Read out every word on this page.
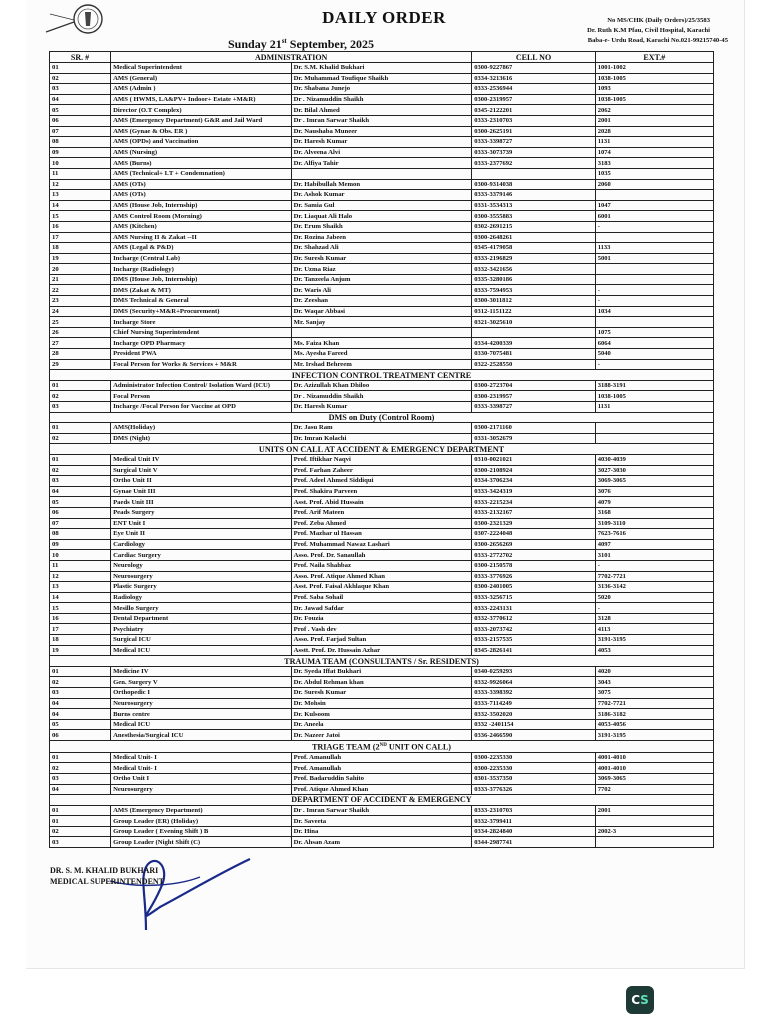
DAILY ORDER
Sunday 21st September, 2025
No MS/CHK (Daily Orders)/25/3583
Dr. Ruth K.M Pfau, Civil Hospital, Karachi
Baba-e- Urdu Road, Karachi No.021-99215740-45
SR. #	ADMINISTRATION		CELL NO	EXT.#
01	Medical Superintendent	Dr. S.M. Khalid Bukhari	0300-9227867	1001-1002
02	AMS (General)	Dr. Muhammad Toufique Shaikh	0334-3213616	1038-1005
03	AMS (Admin )	Dr. Shabana Junejo	0333-2536944	1093
04	AMS ( HWMS, LA&PV+ Indoor+ Estate +M&R)	Dr . Nizamuddin Shaikh	0300-2319957	1038-1005
05	Director (O.T Complex)	Dr. Bilal Ahmed	0345-2122201	2062
06	AMS (Emergency Department) G&R and Jail Ward	Dr . Imran Sarwar Shaikh	0333-2310703	2001
07	AMS (Gynae & Obs. ER )	Dr. Naushaba Muneer	0300-2625191	2028
08	AMS (OPDs) and Vaccination	Dr. Haresh Kumar	0333-3398727	1131
09	AMS (Nursing)	Dr. Alveena Alvi	0333-3073739	1074
10	AMS (Burns)	Dr. Alfiya Tahir	0333-2377692	3183
11	AMS (Technical+ I.T + Condemnation)			1035
12	AMS (OTs)	Dr. Habibullah Memon	0300-9314038	2060
13	AMS (OTs)	Dr. Ashok Kumar	0333-3379146	
14	AMS (House Job, Internship)	Dr. Samia Gul	0331-3534313	1047
15	AMS Control Room (Morning)	Dr. Liaquat Ali Halo	0300-3555883	6001
16	AMS (Kitchen)	Dr. Erum Shaikh	0302-2691215	-
17	AMS Nursing II & Zakat --II	Dr. Rozina Jabeen	0300-2648261	
18	AMS (Legal & P&D)	Dr. Shahzad Ali	0345-4179058	1133
19	Incharge (Central Lab)	Dr. Suresh Kumar	0333-2196829	5001
20	Incharge (Radiology)	Dr. Uzma Riaz	0332-3421656	
21	DMS (House Job, Internship)	Dr. Tanzeela Anjum	0335-3280186	
22	DMS (Zakat & MT)	Dr. Waris Ali	0333-7594953	-
23	DMS Technical & General	Dr. Zeeshan	0300-3011812	-
24	DMS (Security+M&R+Procurement)	Dr. Waqar Abbasi	0312-1151122	1034
25	Incharge Store	Mr. Sanjay	0321-3025610	
26	Chief Nursing Superintendent			1075
27	Incharge OPD Pharmacy	Ms. Faiza Khan	0334-4200339	6064
28	President PWA	Ms. Ayesha Fareed	0330-7075481	5040
29	Focal Person for Works & Services + M&R	Mr. Irshad Behreem	0322-2528550	-
INFECTION CONTROL TREATMENT CENTRE				
01	Administrator Infection Control/ Isolation Ward (ICU)	Dr. Azizullah Khan Dhiloo	0300-2723704	3188-3191
02	Focal Person	Dr . Nizamuddin Shaikh	0300-2319957	1038-1005
03	Incharge /Focal Person for Vaccine at OPD	Dr. Haresh Kumar	0333-3398727	1131
DMS on Duty (Control Room)				
01	AMS(Holiday)	Dr. Jasu Ram	0300-2171160	
02	DMS (Night)	Dr. Imran Kolachi	0331-3052679	
UNITS ON CALL AT ACCIDENT & EMERGENCY DEPARTMENT				
01	Medical Unit IV	Prof. Iftikhar Naqvi	0310-0021021	4030-4039
02	Surgical Unit V	Prof. Farhan Zaheer	0300-2108924	3027-3030
03	Ortho Unit II	Prof. Adeel Ahmed Siddiqui	0334-3706234	3069-3065
04	Gynae Unit III	Prof. Shakira Parveen	0333-3424319	3076
05	Paeds Unit III	Asst. Prof. Abid Hussain	0333-2215234	4079
06	Peads Surgery	Prof. Arif Mateen	0333-2132167	3168
07	ENT Unit I	Prof. Zeba Ahmed	0300-2321329	3109-3110
08	Eye Unit II	Prof. Mazhar ul Hassan	0307-2224048	7623-7616
09	Cardiology	Prof. Muhammad Nawaz Lashari	0300-2656269	4097
10	Cardiac Surgery	Asso. Prof. Dr. Sanaullah	0333-2772702	3101
11	Neurology	Prof. Naila Shahbaz	0300-2150578	-
12	Neurosurgery	Asso. Prof. Atique Ahmed Khan	0333-3776926	7702-7721
13	Plastic Surgery	Asst. Prof. Faisal Akhlaque Khan	0300-2401005	3136-3142
14	Radiology	Prof. Saba Sohail	0333-3256715	5020
15	Mesillo Surgery	Dr. Jawad Safdar	0333-2243131	-
16	Dental Department	Dr. Fouzia	0332-3770612	3128
17	Psychiatry	Prof . Vash dev	0333-2073742	4113
18	Surgical ICU	Asso. Prof. Farjad Sultan	0333-2157535	3191-3195
19	Medical ICU	Asstt. Prof. Dr. Hussain Azhar	0345-2826141	4053
TRAUMA TEAM (CONSULTANTS / Sr. RESIDENTS)				
01	Medicine IV	Dr. Syeda Iffat Bukhari	0340-0259293	4020
02	Gen. Surgery V	Dr. Abdul Rehman khan	0332-9926064	3043
03	Orthopedic I	Dr. Suresh Kumar	0333-3398392	3075
04	Neurosurgery	Dr. Mohsin	0333-7114249	7702-7721
04	Burns centre	Dr. Kulsoom	0332-3502020	3186-3182
05	Medical ICU	Dr. Aneela	0332 -2401154	4053-4056
06	Anesthesia/Surgical ICU	Dr. Nazeer Jatoi	0336-2466590	3191-3195
TRIAGE TEAM (2ND UNIT ON CALL)				
01	Medical Unit- I	Prof. Amanullah	0300-2235330	4001-4010
02	Medical Unit- I	Prof. Amanullah	0300-2235330	4001-4010
03	Ortho Unit I	Prof. Badaruddin Sahito	0301-3537350	3069-3065
04	Neurosurgery	Prof. Atique Ahmed Khan	0333-3776326	7702
DEPARTMENT OF ACCIDENT & EMERGENCY				
01	AMS (Emergency Department)	Dr . Imran Sarwar Shaikh	0333-2310703	2001
01	Group Leader (ER) (Holiday)	Dr. Saveeta	0332-3799411	
02	Group Leader ( Evening Shift ) B	Dr. Hina	0334-2824840	2002-3
03	Group Leader (Night Shift (C)	Dr. Ahsan Azam	0344-2987741	
DR. S. M. KHALID BUKHARI
MEDICAL SUPERINTENDENT
C S
